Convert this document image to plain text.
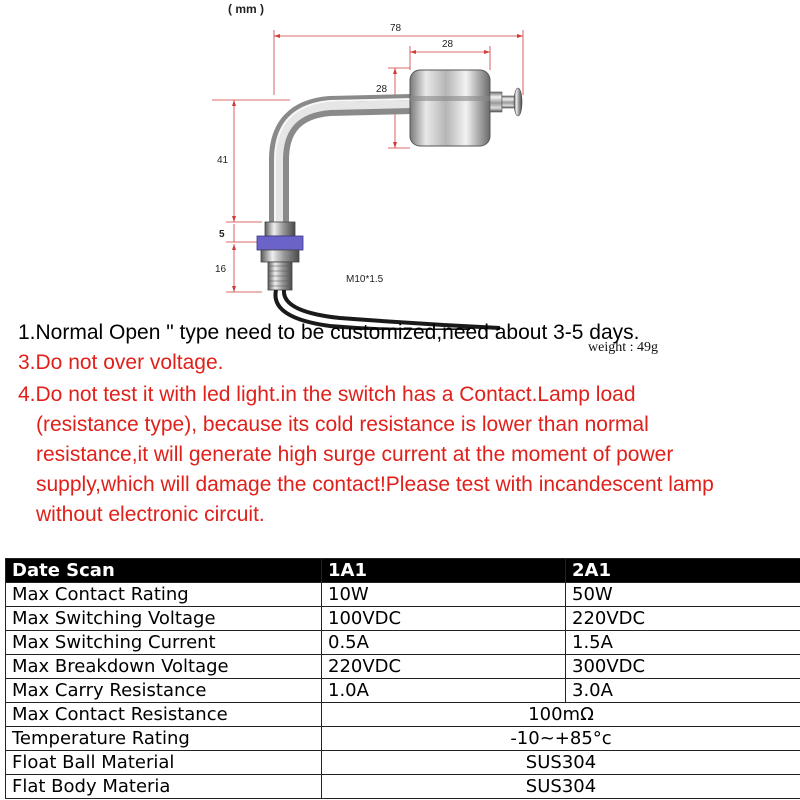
( mm )
78
28
28
41
5
16
M10*1.5
1.Normal Open " type need to be customized,need about 3-5 days.
3.Do not over voltage.
4.Do not test it with led light.in the switch has a Contact.Lamp load
(resistance type), because its cold resistance is lower than normal
resistance,it will generate high surge current at the moment of power
supply,which will damage the contact!Please test with incandescent lamp
without electronic circuit.
weight : 49g
Date Scan	1A1	2A1
Max Contact Rating	10W	50W
Max Switching Voltage	100VDC	220VDC
Max Switching Current	0.5A	1.5A
Max Breakdown Voltage	220VDC	300VDC
Max Carry Resistance	1.0A	3.0A
Max Contact Resistance	100mΩ	
Temperature Rating	-10~+85°c	
Float Ball Material	SUS304	
Flat Body Materia	SUS304	
